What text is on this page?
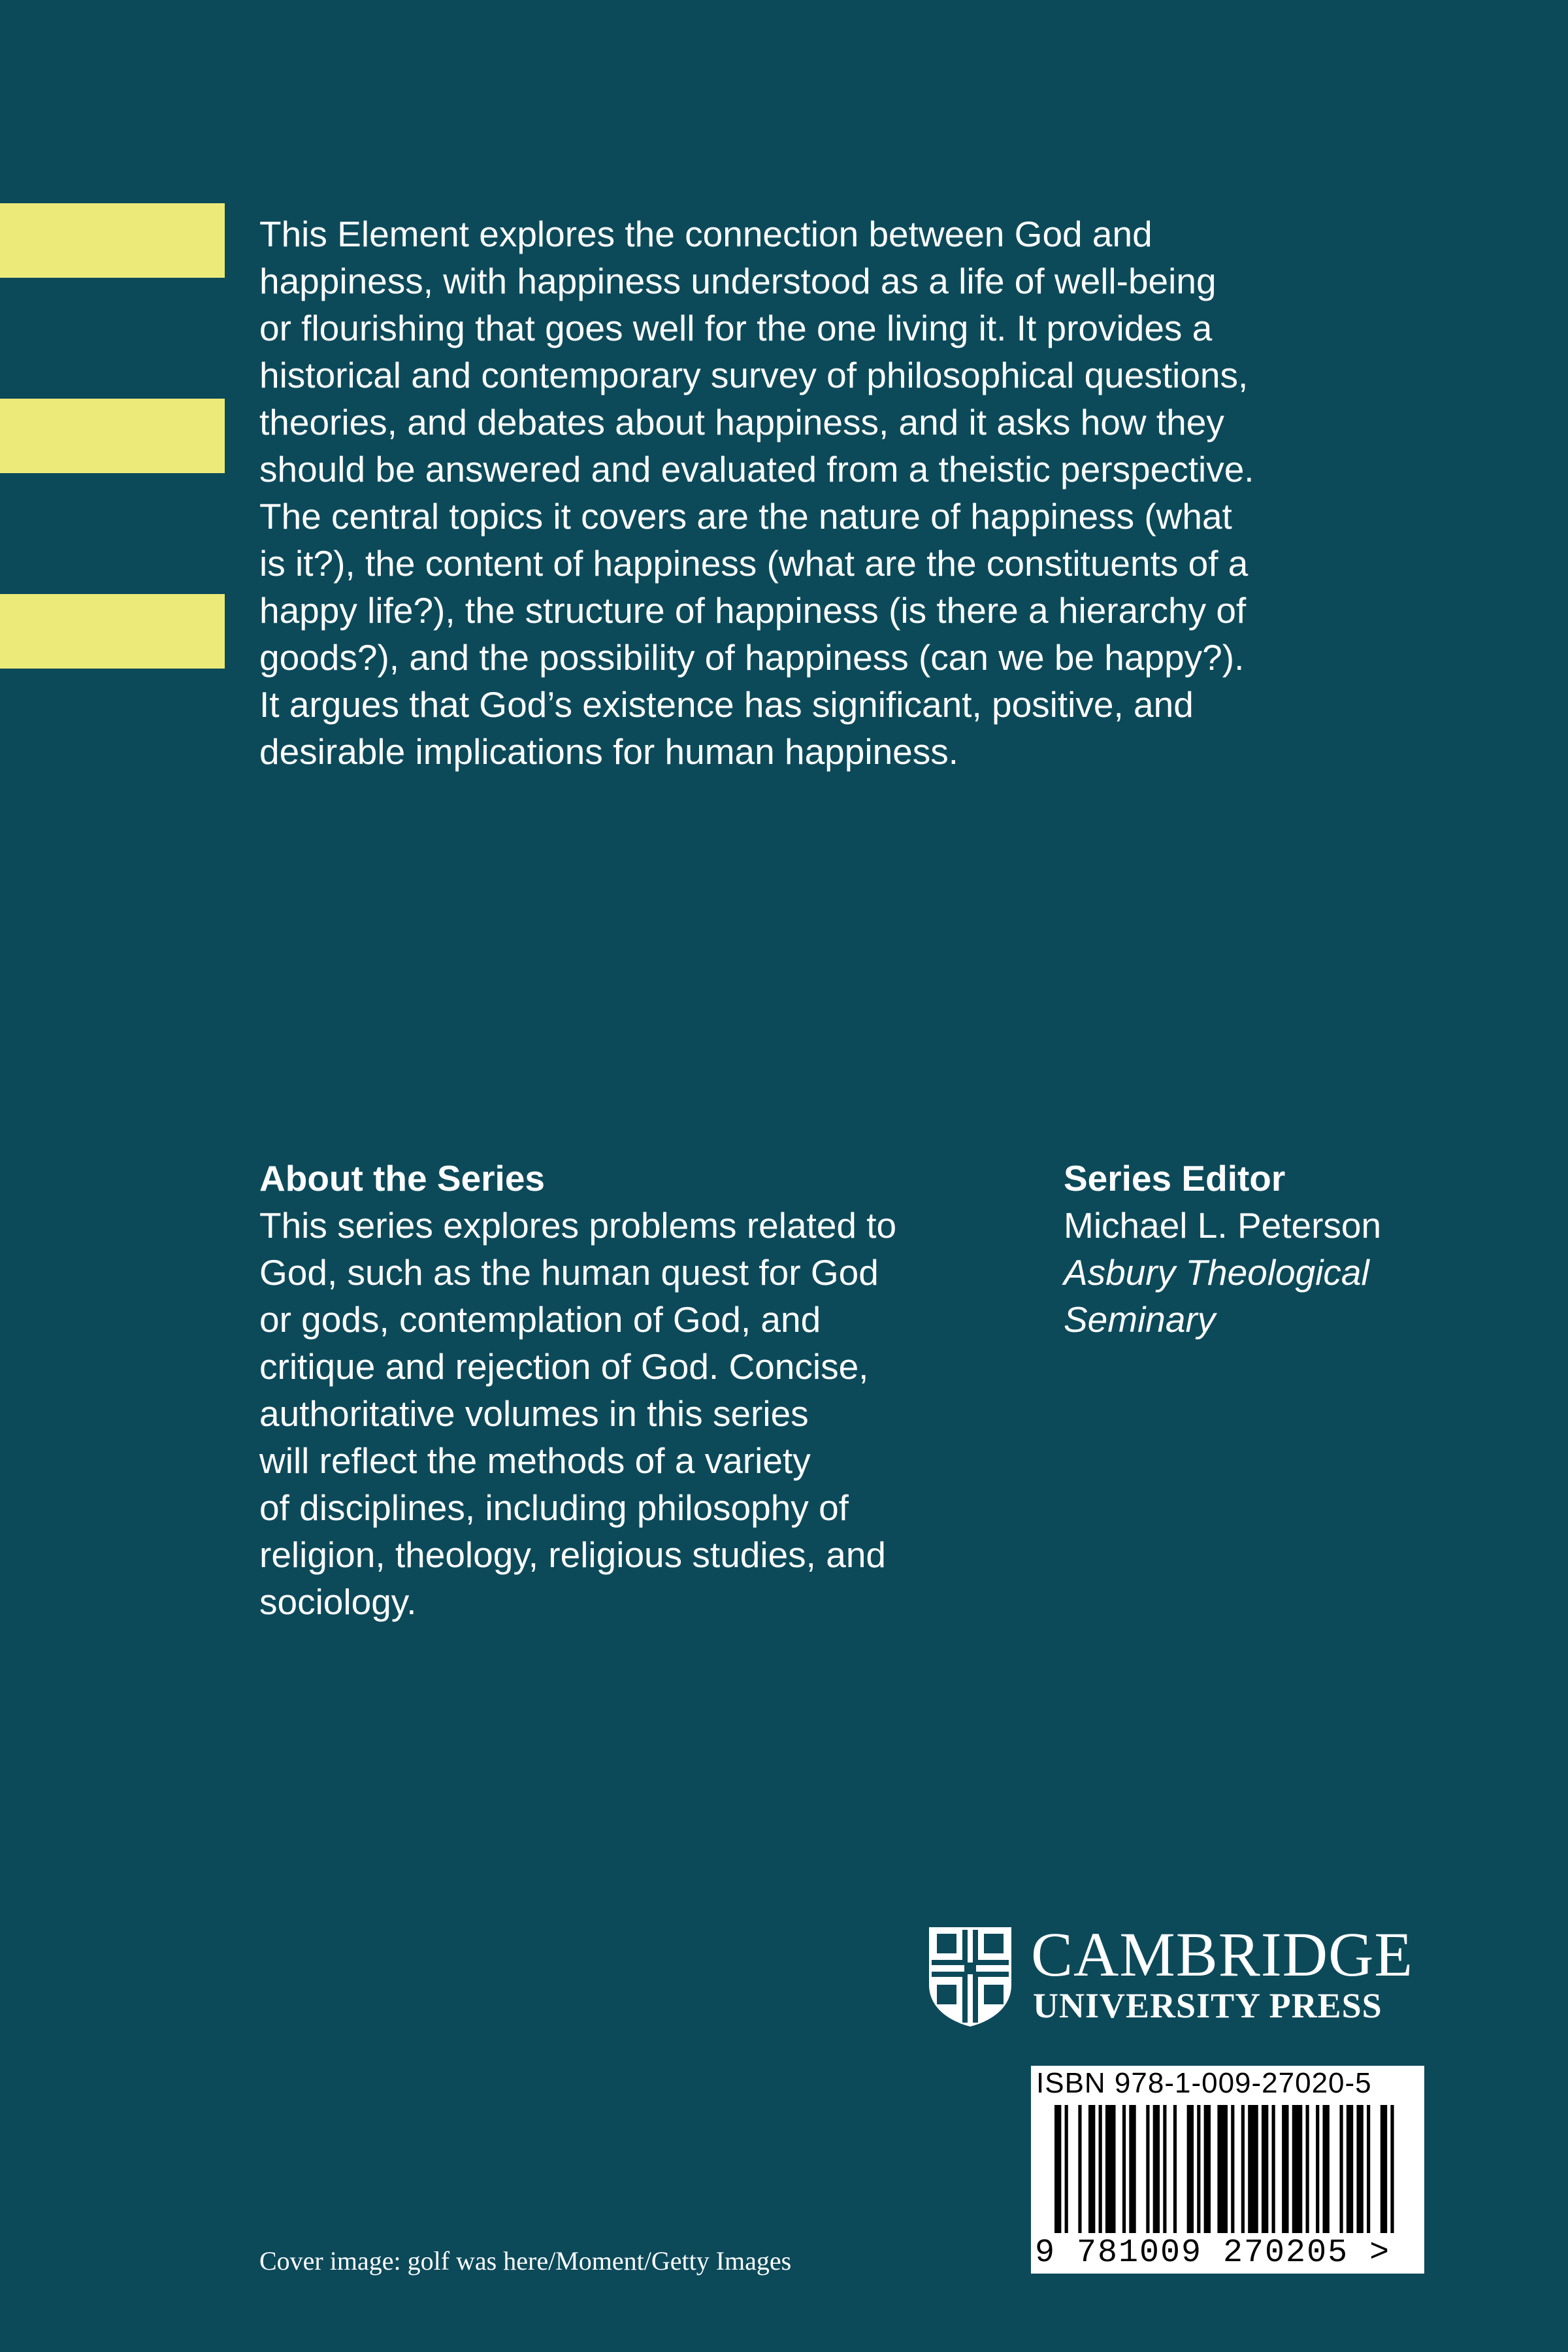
This Element explores the connection between God and
happiness, with happiness understood as a life of well-being
or flourishing that goes well for the one living it. It provides a
historical and contemporary survey of philosophical questions,
theories, and debates about happiness, and it asks how they
should be answered and evaluated from a theistic perspective.
The central topics it covers are the nature of happiness (what
is it?), the content of happiness (what are the constituents of a
happy life?), the structure of happiness (is there a hierarchy of
goods?), and the possibility of happiness (can we be happy?).
It argues that God’s existence has significant, positive, and
desirable implications for human happiness.
About the Series
This series explores problems related to
God, such as the human quest for God
or gods, contemplation of God, and
critique and rejection of God. Concise,
authoritative volumes in this series
will reflect the methods of a variety
of disciplines, including philosophy of
religion, theology, religious studies, and
sociology.
Series Editor
Michael L. Peterson
Asbury Theological
Seminary
CAMBRIDGE
UNIVERSITY PRESS
ISBN 978-1-009-27020-5
9 781009 270205 >
Cover image: golf was here/Moment/Getty Images
